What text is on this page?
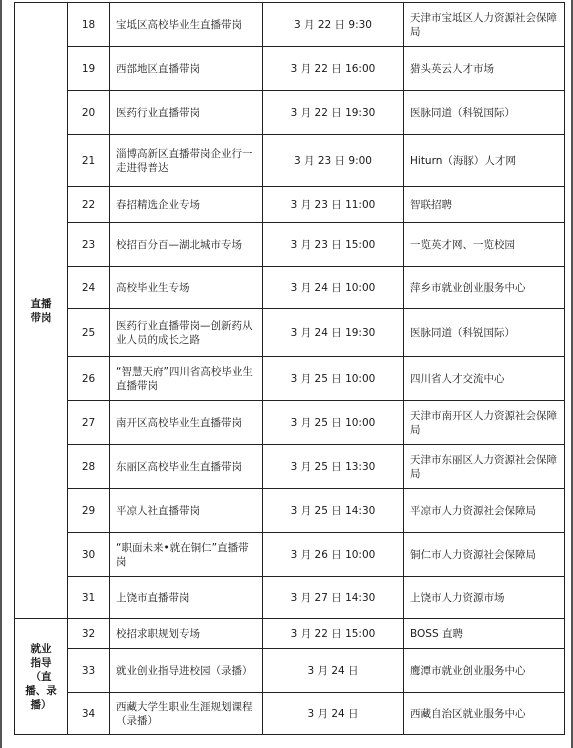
直播
带岗	18	宝坻区高校毕业生直播带岗	3 月 22 日 9:30	天津市宝坻区人力资源社会保障局
	19	西部地区直播带岗	3 月 22 日 16:00	猎头英云人才市场
	20	医药行业直播带岗	3 月 22 日 19:30	医脉同道（科锐国际）
	21	淄博高新区直播带岗企业行一走进得普达	3 月 23 日 9:00	Hiturn（海豚）人才网
	22	春招精选企业专场	3 月 23 日 11:00	智联招聘
	23	校招百分百—湖北城市专场	3 月 23 日 15:00	一览英才网、一览校园
	24	高校毕业生专场	3 月 24 日 10:00	萍乡市就业创业服务中心
	25	医药行业直播带岗—创新药从业人员的成长之路	3 月 24 日 19:30	医脉同道（科锐国际）
	26	“智慧天府”四川省高校毕业生直播带岗	3 月 25 日 10:00	四川省人才交流中心
	27	南开区高校毕业生直播带岗	3 月 25 日 10:00	天津市南开区人力资源社会保障局
	28	东丽区高校毕业生直播带岗	3 月 25 日 13:30	天津市东丽区人力资源社会保障局
	29	平凉人社直播带岗	3 月 25 日 14:30	平凉市人力资源社会保障局
	30	“职面未来•就在铜仁”直播带岗	3 月 26 日 10:00	铜仁市人力资源社会保障局
	31	上饶市直播带岗	3 月 27 日 14:30	上饶市人力资源市场
就业
指导
（直
播、录
播）	32	校招求职规划专场	3 月 22 日 15:00	BOSS 直聘
	33	就业创业指导进校园（录播）	3 月 24 日	鹰潭市就业创业服务中心
	34	西藏大学生职业生涯规划课程（录播）	3 月 24 日	西藏自治区就业服务中心
